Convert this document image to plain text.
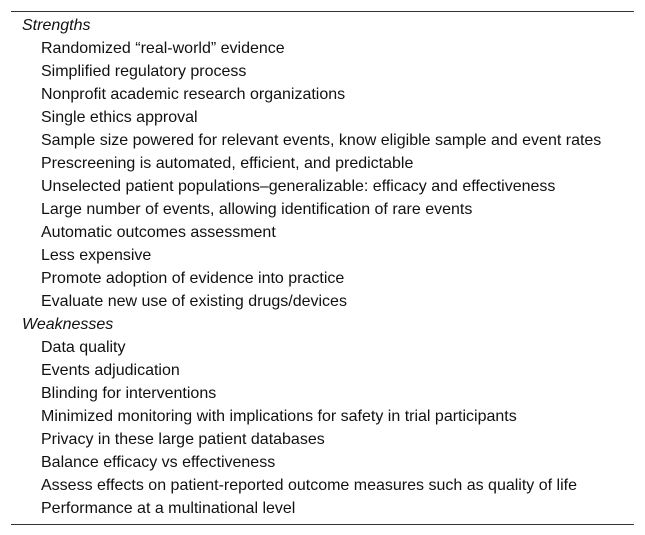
Strengths
Randomized “real-world” evidence
Simplified regulatory process
Nonprofit academic research organizations
Single ethics approval
Sample size powered for relevant events, know eligible sample and event rates
Prescreening is automated, efficient, and predictable
Unselected patient populations–generalizable: efficacy and effectiveness
Large number of events, allowing identification of rare events
Automatic outcomes assessment
Less expensive
Promote adoption of evidence into practice
Evaluate new use of existing drugs/devices
Weaknesses
Data quality
Events adjudication
Blinding for interventions
Minimized monitoring with implications for safety in trial participants
Privacy in these large patient databases
Balance efficacy vs effectiveness
Assess effects on patient-reported outcome measures such as quality of life
Performance at a multinational level
